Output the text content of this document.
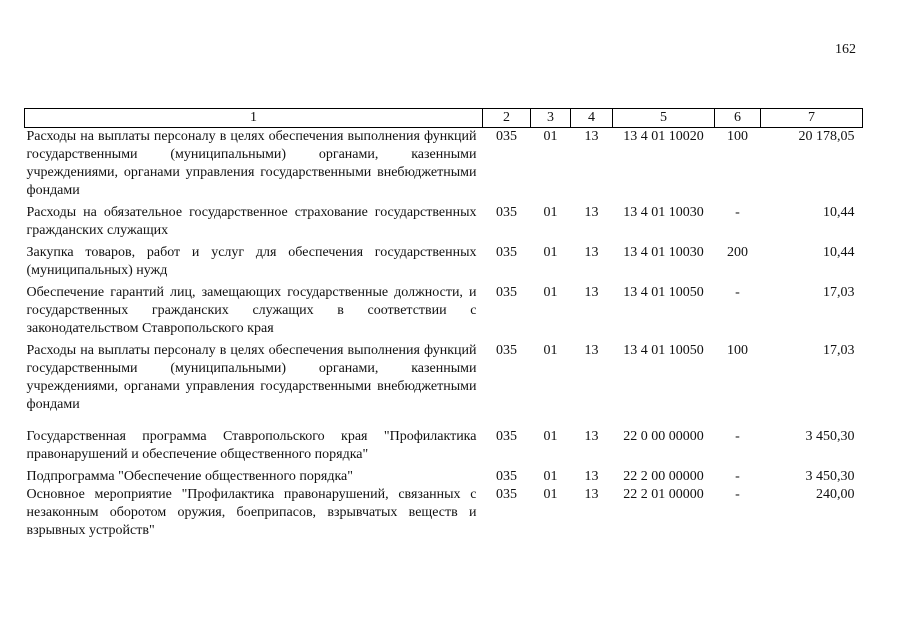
162
1	2	3	4	5	6	7
Расходы на выплаты персоналу в целях обеспечения выполнения функций государственными (муниципальными) органами, казенными учреждениями, органами управления государственными внебюджетными фондами	035	01	13	13 4 01 10020	100	20 178,05
Расходы на обязательное государственное страхование государственных гражданских служащих	035	01	13	13 4 01 10030	-	10,44
Закупка товаров, работ и услуг для обеспечения государственных (муниципальных) нужд	035	01	13	13 4 01 10030	200	10,44
Обеспечение гарантий лиц, замещающих государственные должности, и государственных гражданских служащих в соответствии с законодательством Ставропольского края	035	01	13	13 4 01 10050	-	17,03
Расходы на выплаты персоналу в целях обеспечения выполнения функций государственными (муниципальными) органами, казенными учреждениями, органами управления государственными внебюджетными фондами	035	01	13	13 4 01 10050	100	17,03

Государственная программа Ставропольского края "Профилактика правонарушений и обеспечение общественного порядка"	035	01	13	22 0 00 00000	-	3 450,30
Подпрограмма "Обеспечение общественного порядка"	035	01	13	22 2 00 00000	-	3 450,30
Основное мероприятие "Профилактика правонарушений, связанных с незаконным оборотом оружия, боеприпасов, взрывчатых веществ и взрывных устройств"	035	01	13	22 2 01 00000	-	240,00
